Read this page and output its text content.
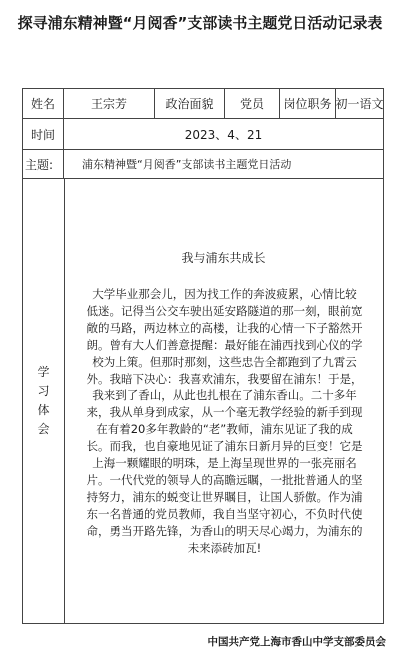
探寻浦东精神暨“月阅香”支部读书主题党日活动记录表
姓名	王宗芳	政治面貌	党员	岗位职务 初一语文
时间	2023、4、21
主题:	浦东精神暨“月阅香”支部读书主题党日活动
学习体会
我与浦东共成长
大学毕业那会儿，因为找工作的奔波疲累，心情比较
低迷。记得当公交车驶出延安路隧道的那一刻，眼前宽
敞的马路，两边林立的高楼，让我的心情一下子豁然开
朗。曾有大人们善意提醒：最好能在浦西找到心仪的学
校为上策。但那时那刻，这些忠告全都跑到了九霄云
外。我暗下决心：我喜欢浦东，我要留在浦东！于是，
我来到了香山，从此也扎根在了浦东香山。二十多年
来，我从单身到成家，从一个毫无教学经验的新手到现
在有着20多年教龄的“老”教师，浦东见证了我的成
长。而我，也自豪地见证了浦东日新月异的巨变！它是
上海一颗耀眼的明珠，是上海呈现世界的一张亮丽名
片。一代代党的领导人的高瞻远瞩，一批批普通人的坚
持努力，浦东的蜕变让世界瞩目，让国人骄傲。作为浦
东一名普通的党员教师，我自当坚守初心，不负时代使
命，勇当开路先锋，为香山的明天尽心竭力，为浦东的
未来添砖加瓦!
中国共产党上海市香山中学支部委员会
